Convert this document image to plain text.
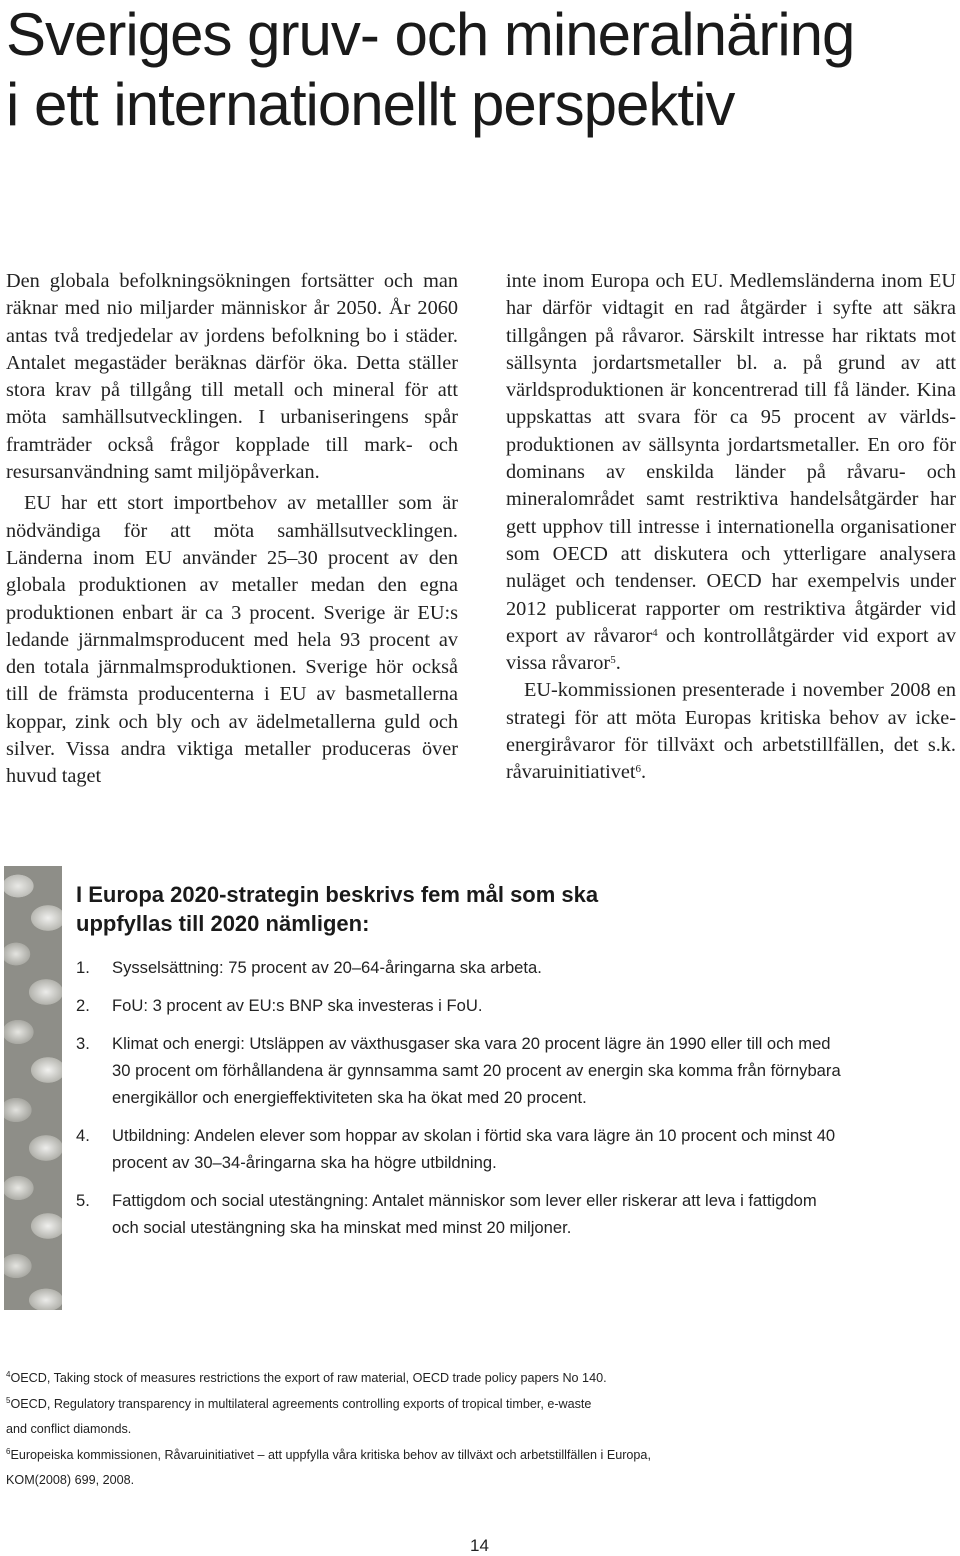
Sveriges gruv- och mineralnäring
i ett internationellt perspektiv

Den globala befolkningsökningen fortsätter och man räknar med nio miljarder människor år 2050. År 2060 antas två tredjedelar av jordens befolkning bo i städer. Antalet megastäder beräknas därför öka. Detta ställer stora krav på tillgång till metall och mineral för att möta samhällsutvecklingen. I urbaniseringens spår framträder också frågor kopplade till mark- och resursanvändning samt miljöpåverkan.

EU har ett stort importbehov av metalller som är nödvändiga för att möta samhällsutvecklingen. Länderna inom EU använder 25–30 procent av den globala produktionen av metaller medan den egna produktionen enbart är ca 3 procent. Sverige är EU:s ledande järnmalmsproducent med hela 93 procent av den totala järnmalmsproduktionen. Sverige hör också till de främsta producenterna i EU av basmetallerna koppar, zink och bly och av ädelmetallerna guld och silver. Vissa andra viktiga metaller produceras över huvud taget

inte inom Europa och EU. Medlemsländerna inom EU har därför vidtagit en rad åtgärder i syfte att säkra tillgången på råvaror. Särskilt intresse har riktats mot sällsynta jordartsmetaller bl. a. på grund av att världsproduktionen är koncentrerad till få länder. Kina uppskattas att svara för ca 95 procent av världsproduktionen av sällsynta jordartsmetaller. En oro för dominans av enskilda länder på råvaru- och mineralområdet samt restriktiva handelsåtgärder har gett upphov till intresse i internationella organisationer som OECD att diskutera och ytterligare analysera nuläget och tendenser. OECD har exempelvis under 2012 publicerat rapporter om restriktiva åtgärder vid export av råvaror$^4$ och kontrollåtgärder vid export av vissa råvaror$^5$.

EU-kommissionen presenterade i november 2008 en strategi för att möta Europas kritiska behov av icke-energiråvaror för tillväxt och arbetstillfällen, det s.k. råvaruinitiativet$^6$.

I Europa 2020-strategin beskrivs fem mål som ska uppfyllas till 2020 nämligen:
1. Sysselsättning: 75 procent av 20–64-åringarna ska arbeta.
2. FoU: 3 procent av EU:s BNP ska investeras i FoU.
3. Klimat och energi: Utsläppen av växthusgaser ska vara 20 procent lägre än 1990 eller till och med 30 procent om förhållandena är gynnsamma samt 20 procent av energin ska komma från förnybara energikällor och energieffektiviteten ska ha ökat med 20 procent.
4. Utbildning: Andelen elever som hoppar av skolan i förtid ska vara lägre än 10 procent och minst 40 procent av 30–34-åringarna ska ha högre utbildning.
5. Fattigdom och social utestängning: Antalet människor som lever eller riskerar att leva i fattigdom och social utestängning ska ha minskat med minst 20 miljoner.

$^4$OECD, Taking stock of measures restrictions the export of raw material, OECD trade policy papers No 140.

$^5$OECD, Regulatory transparency in multilateral agreements controlling exports of tropical timber, e-waste

and conflict diamonds.

$^6$Europeiska kommissionen, Råvaruinitiativet – att uppfylla våra kritiska behov av tillväxt och arbetstillfällen i Europa,

KOM(2008) 699, 2008.

14
